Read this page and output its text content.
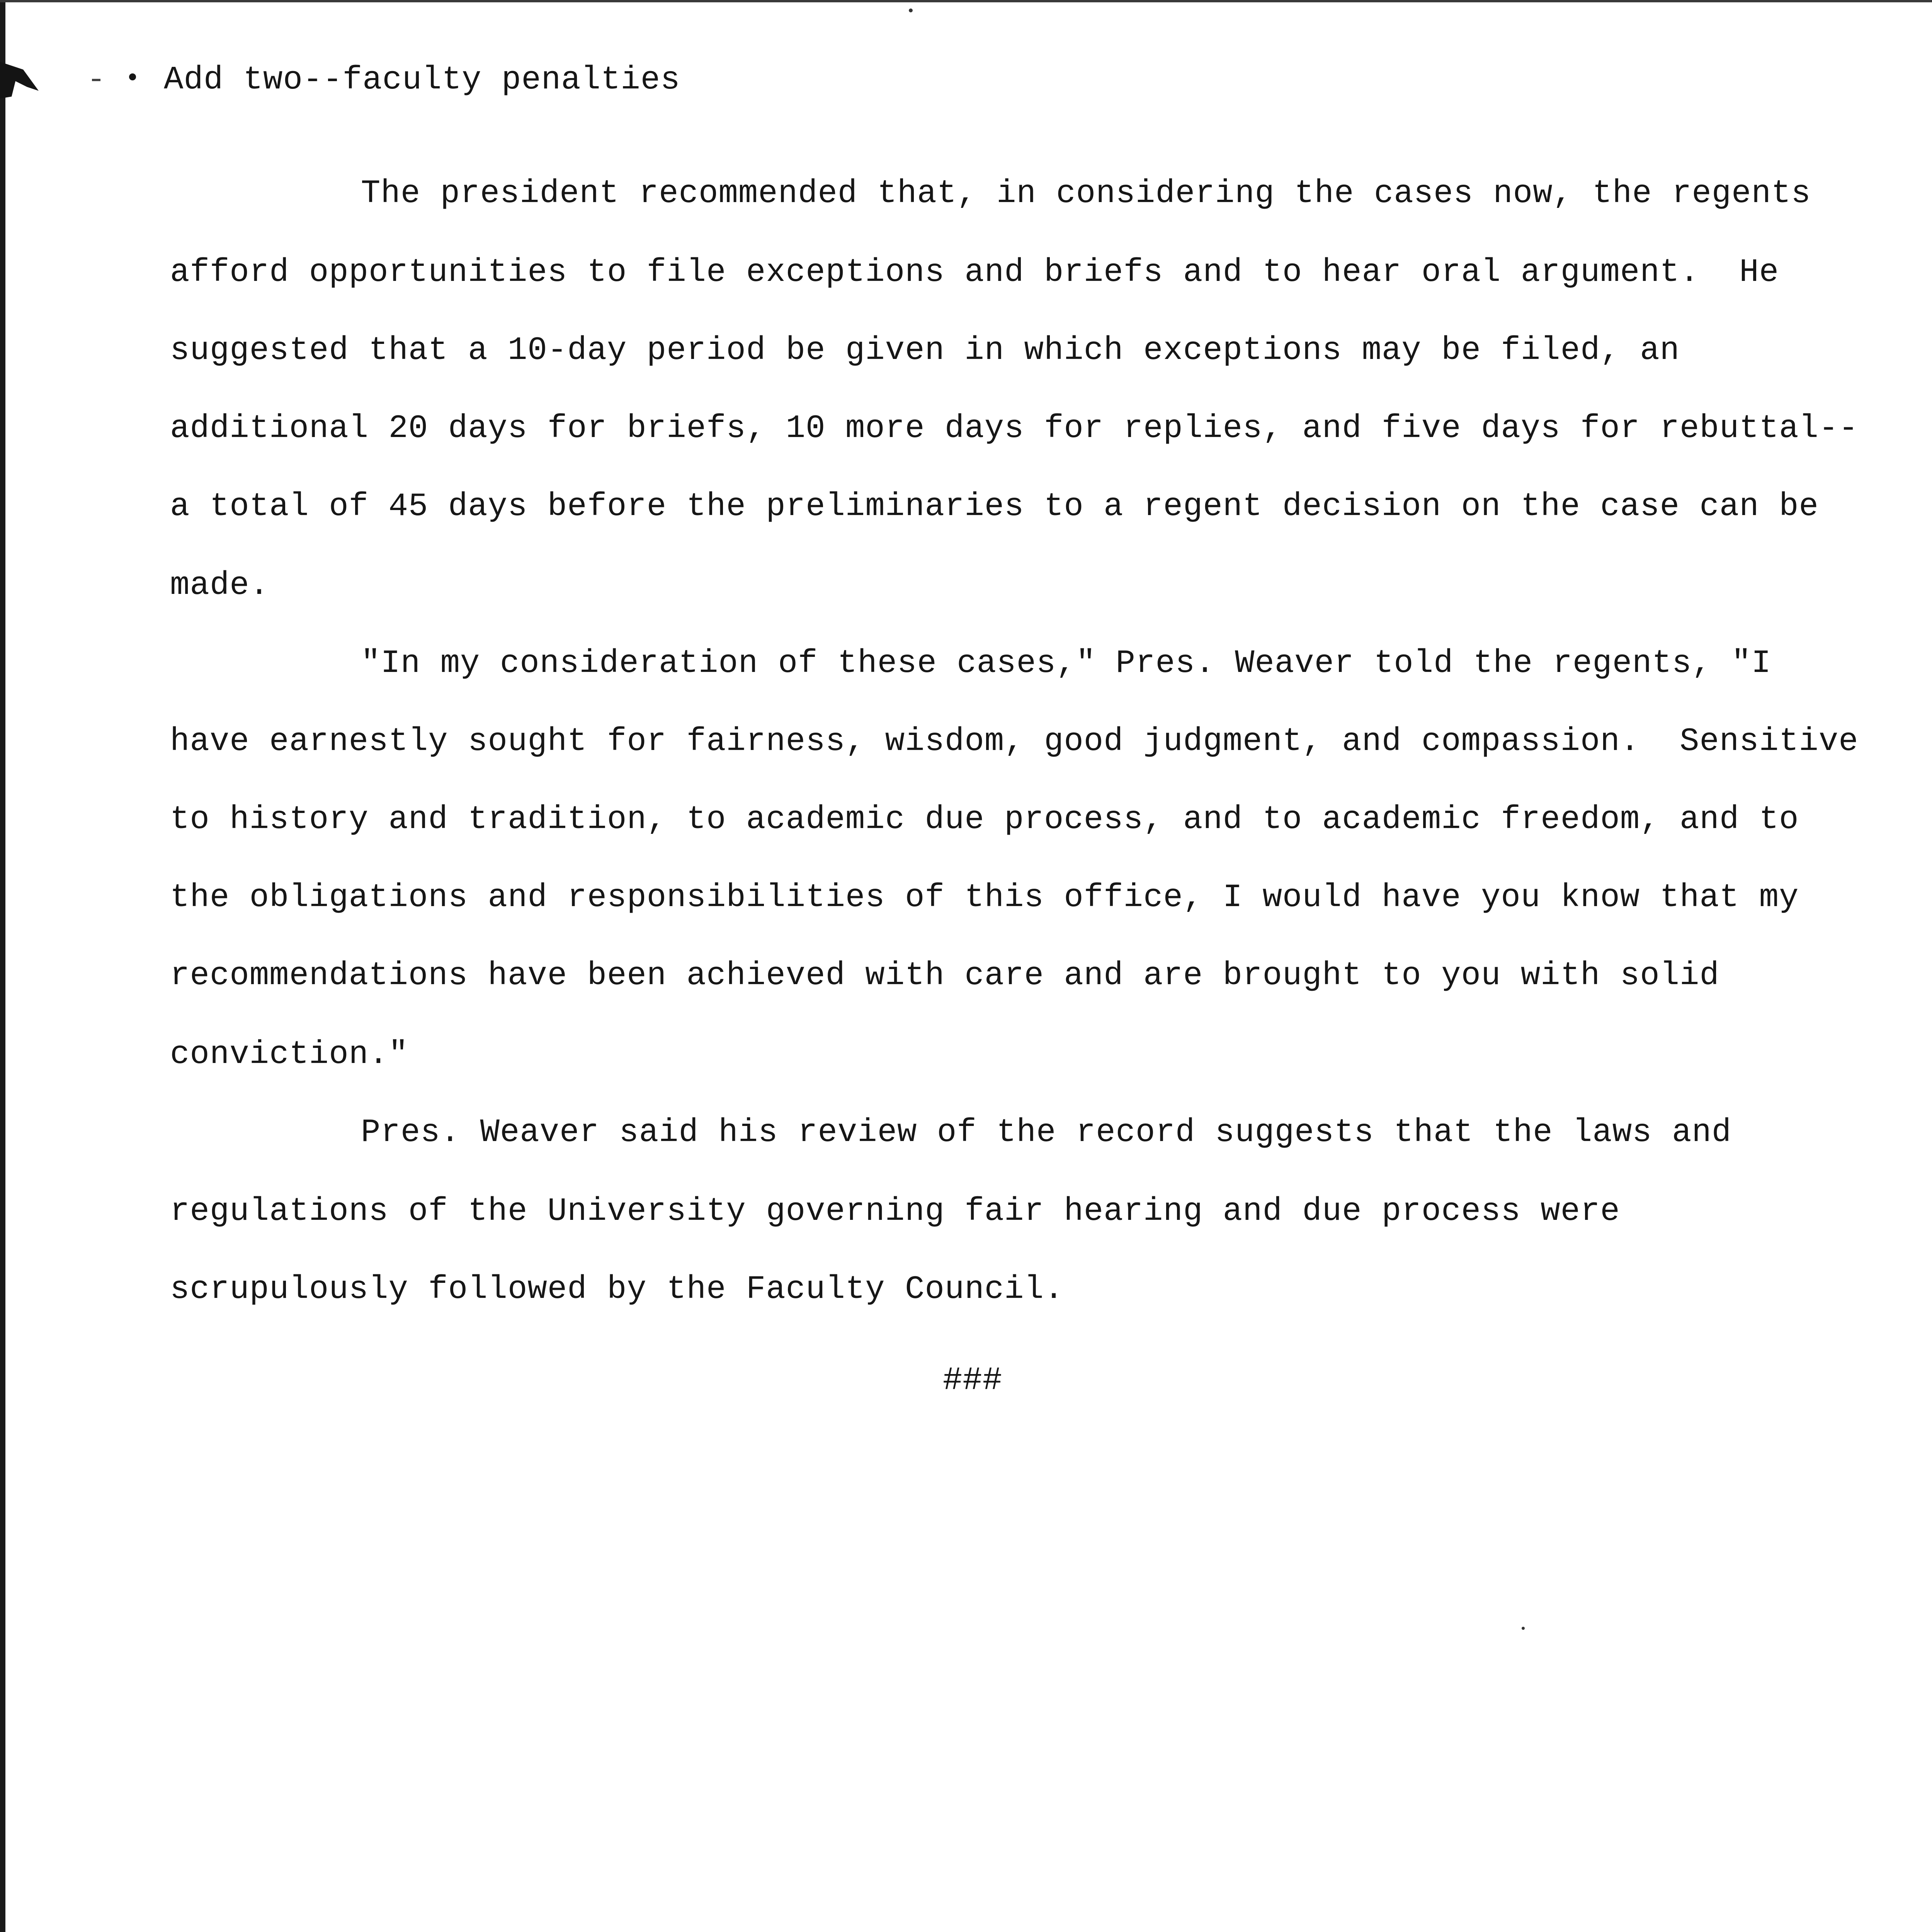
Add two--faculty penalties
The president recommended that, in considering the cases now, the regents
afford opportunities to file exceptions and briefs and to hear oral argument.  He
suggested that a 10-day period be given in which exceptions may be filed, an
additional 20 days for briefs, 10 more days for replies, and five days for rebuttal--
a total of 45 days before the preliminaries to a regent decision on the case can be
made.
"In my consideration of these cases," Pres. Weaver told the regents, "I
have earnestly sought for fairness, wisdom, good judgment, and compassion.  Sensitive
to history and tradition, to academic due process, and to academic freedom, and to
the obligations and responsibilities of this office, I would have you know that my
recommendations have been achieved with care and are brought to you with solid
conviction."
Pres. Weaver said his review of the record suggests that the laws and
regulations of the University governing fair hearing and due process were
scrupulously followed by the Faculty Council.
###
